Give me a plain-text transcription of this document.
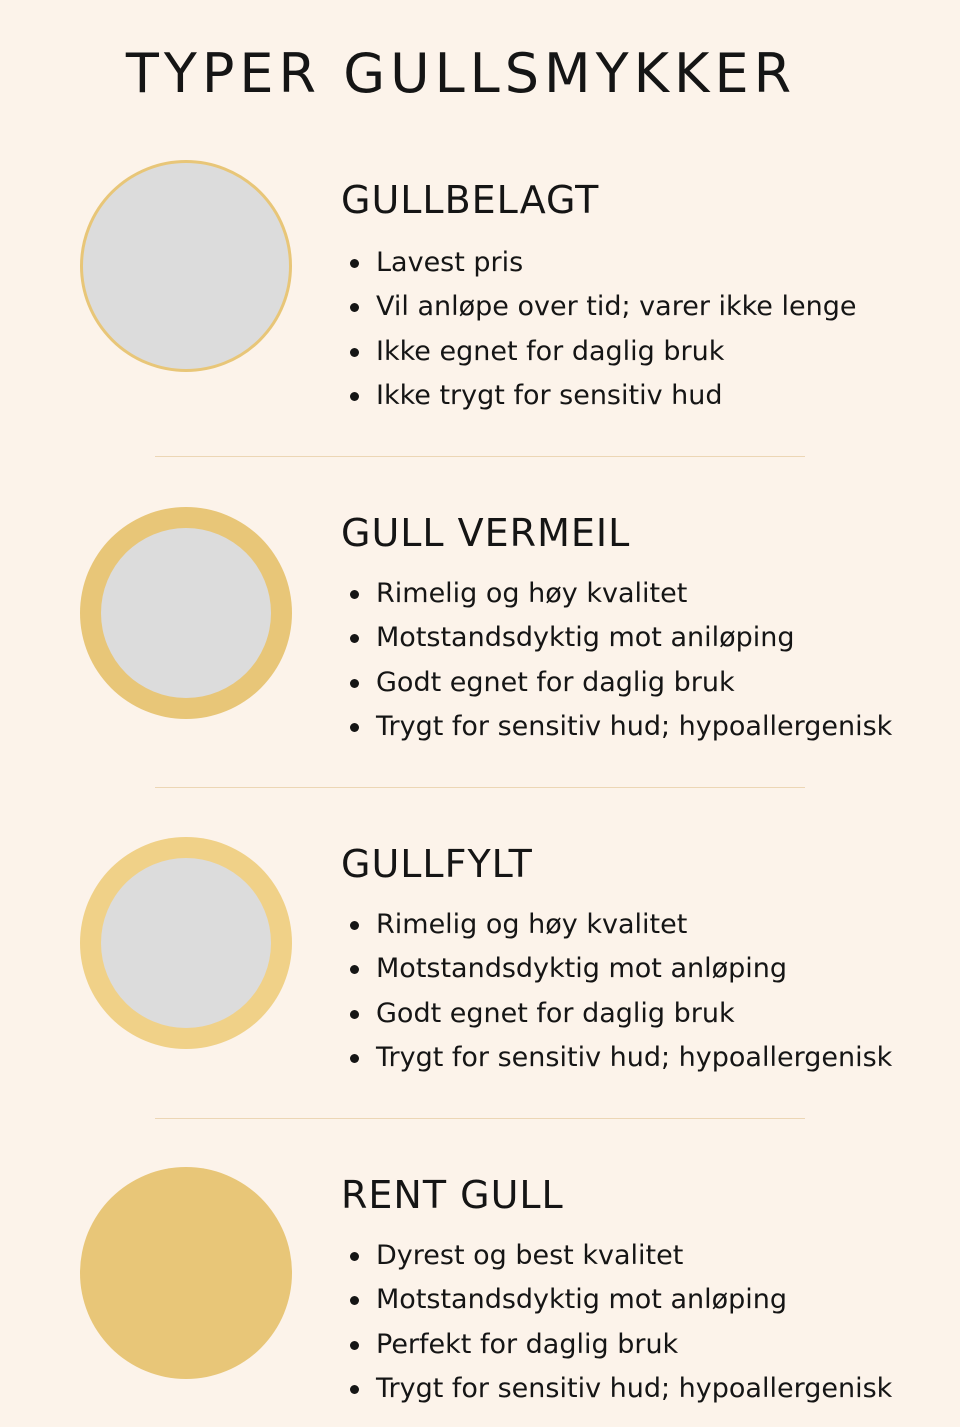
TYPER GULLSMYKKER
GULLBELAGT
Lavest pris
Vil anløpe over tid; varer ikke lenge
Ikke egnet for daglig bruk
Ikke trygt for sensitiv hud
GULL VERMEIL
Rimelig og høy kvalitet
Motstandsdyktig mot aniløping
Godt egnet for daglig bruk
Trygt for sensitiv hud; hypoallergenisk
GULLFYLT
Rimelig og høy kvalitet
Motstandsdyktig mot anløping
Godt egnet for daglig bruk
Trygt for sensitiv hud; hypoallergenisk
RENT GULL
Dyrest og best kvalitet
Motstandsdyktig mot anløping
Perfekt for daglig bruk
Trygt for sensitiv hud; hypoallergenisk
